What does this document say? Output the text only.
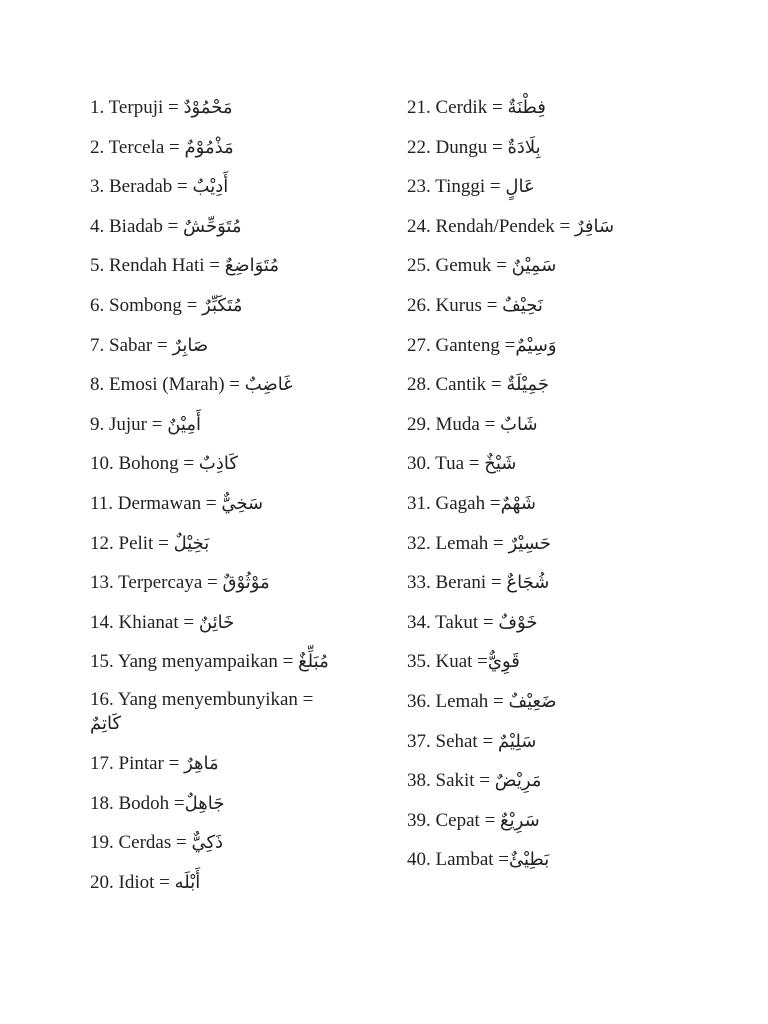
1. Terpuji = مَحْمُوْدٌ
2. Tercela = مَذْمُوْمٌ
3. Beradab = أَدِيْبٌ
4. Biadab = مُتَوَحِّشٌ
5. Rendah Hati = مُتَوَاضِعٌ
6. Sombong = مُتَكَبِّرٌ
7. Sabar = صَابِرٌ
8. Emosi (Marah) = غَاضِبٌ
9. Jujur = أَمِيْنٌ
10. Bohong = كَاذِبٌ
11. Dermawan = سَخِيٌّ
12. Pelit = بَخِيْلٌ
13. Terpercaya = مَوْثُوْقٌ
14. Khianat = خَائِنٌ
15. Yang menyampaikan = مُبَلِّغٌ
16. Yang menyembunyikan =
كَاتِمٌ
17. Pintar = مَاهِرٌ
18. Bodoh =جَاهِلٌ
19. Cerdas = ذَكِيٌّ
20. Idiot = أَبْلَه
21. Cerdik = فِطْنَةٌ
22. Dungu = بِلَادَةٌ
23. Tinggi = عَالٍ
24. Rendah/Pendek = سَافِرٌ
25. Gemuk = سَمِيْنٌ
26. Kurus = نَحِيْفٌ
27. Ganteng =وَسِيْمٌ
28. Cantik = جَمِيْلَةٌ
29. Muda = شَابٌ
30. Tua = شَيْخٌ
31. Gagah =شَهْمٌ
32. Lemah = حَسِيْرٌ
33. Berani = شُجَاعٌ
34. Takut = خَوْفٌ
35. Kuat =قَوِيٌّ
36. Lemah = ضَعِيْفٌ
37. Sehat = سَلِيْمٌ
38. Sakit = مَرِيْضٌ
39. Cepat = سَرِيْعٌ
40. Lambat =بَطِيْئٌ
